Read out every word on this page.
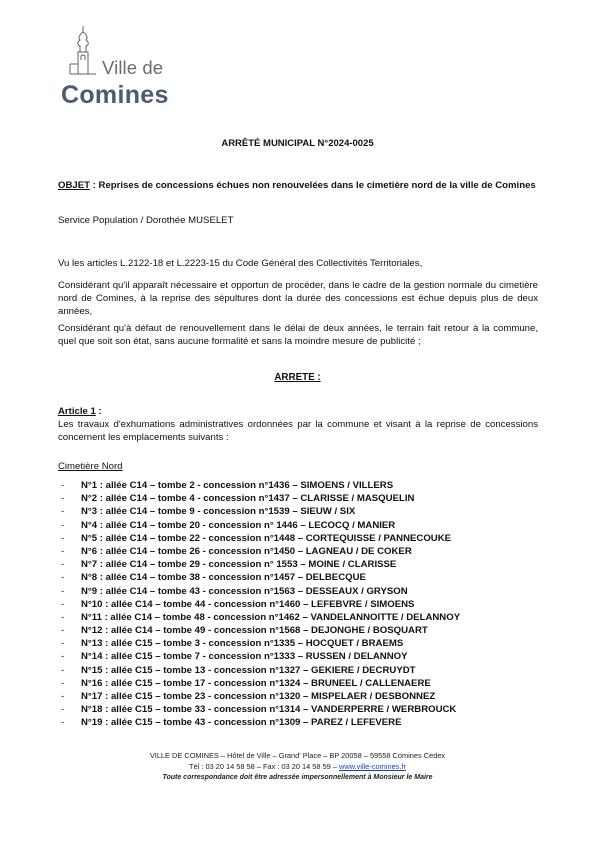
Ville de
Comines
ARRÊTÉ MUNICIPAL N°2024-0025
OBJET : Reprises de concessions échues non renouvelées dans le cimetière nord de la ville de Comines
Service Population / Dorothée MUSELET
Vu les articles L.2122-18 et L.2223-15 du Code Général des Collectivités Territoriales,
Considérant qu'il apparaît nécessaire et opportun de procéder, dans le cadre de la gestion normale du cimetière nord de Comines, à la reprise des sépultures dont la durée des concessions est échue depuis plus de deux années,
Considérant qu'à défaut de renouvellement dans le délai de deux années, le terrain fait retour à la commune, quel que soit son état, sans aucune formalité et sans la moindre mesure de publicité ;
ARRETE :
Article 1 :
Les travaux d'exhumations administratives ordonnées par la commune et visant à la reprise de concessions concernent les emplacements suivants :
Cimetière Nord
- N°1 : allée C14 – tombe 2 - concession n°1436 – SIMOENS / VILLERS
- N°2 : allée C14 – tombe 4 - concession n°1437 – CLARISSE / MASQUELIN
- N°3 : allée C14 – tombe 9 - concession n°1539 – SIEUW / SIX
- N°4 : allée C14 – tombe 20 - concession n° 1446 – LECOCQ / MANIER
- N°5 : allée C14 – tombe 22 - concession n°1448 – CORTEQUISSE / PANNECOUKE
- N°6 : allée C14 – tombe 26 - concession n°1450 – LAGNEAU / DE COKER
- N°7 : allée C14 – tombe 29 - concession n° 1553 – MOINE / CLARISSE
- N°8 : allée C14 – tombe 38 - concession n°1457 – DELBECQUE
- N°9 : allée C14 – tombe 43 - concession n°1563 – DESSEAUX / GRYSON
- N°10 : allée C14 – tombe 44 - concession n°1460 – LEFEBVRE / SIMOENS
- N°11 : allée C14 – tombe 48 - concession n°1462 – VANDELANNOITTE / DELANNOY
- N°12 : allée C14 – tombe 49 - concession n°1568 – DEJONGHE / BOSQUART
- N°13 : allée C15 – tombe 3 - concession n°1335 – HOCQUET / BRAEMS
- N°14 : allée C15 – tombe 7 - concession n°1333 – RUSSEN / DELANNOY
- N°15 : allée C15 – tombe 13 - concession n°1327 – GEKIERE / DECRUYDT
- N°16 : allée C15 – tombe 17 - concession n°1324 – BRUNEEL / CALLENAERE
- N°17 : allée C15 – tombe 23 - concession n°1320 – MISPELAER / DESBONNEZ
- N°18 : allée C15 – tombe 33 - concession n°1314 – VANDERPERRE / WERBROUCK
- N°19 : allée C15 – tombe 43 - concession n°1309 – PAREZ / LEFEVERE
VILLE DE COMINES – Hôtel de Ville – Grand' Place – BP 20058 – 59558 Comines Cedex
Tél : 03 20 14 58 58 – Fax : 03 20 14 58 59 – www.ville-comines.fr
Toute correspondance doit être adressée impersonnellement à Monsieur le Maire
